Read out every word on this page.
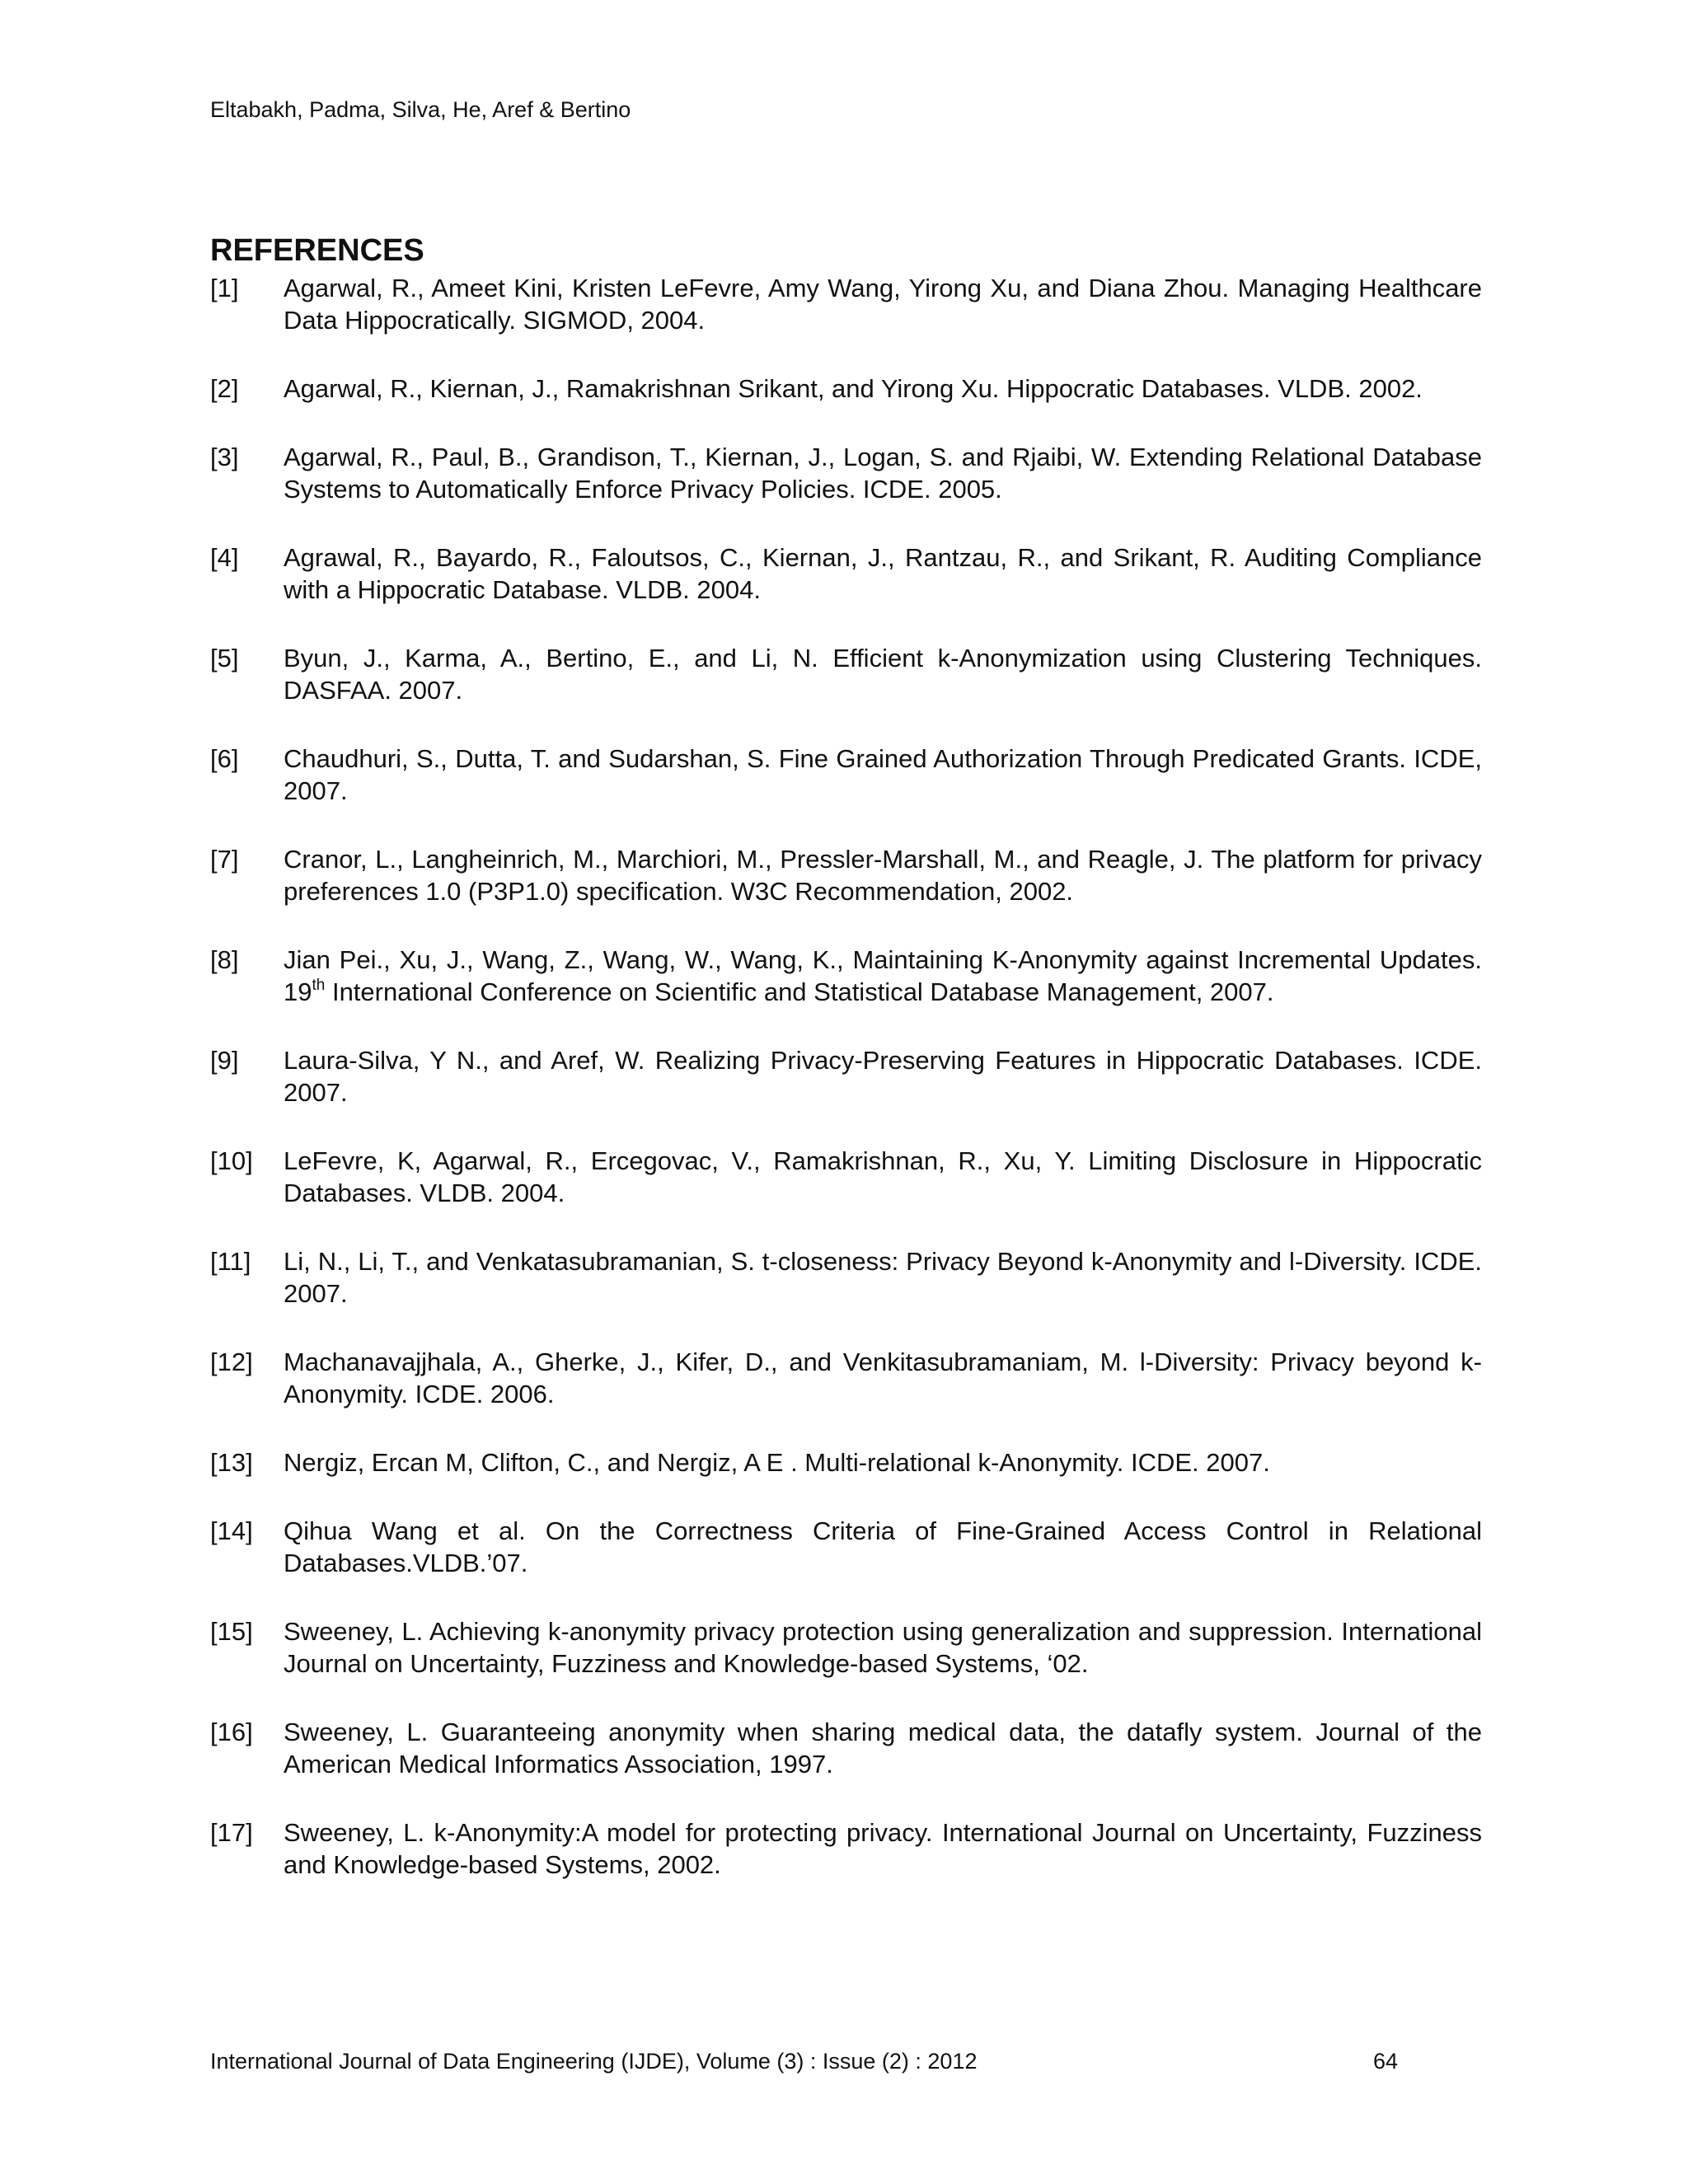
Eltabakh, Padma, Silva, He, Aref & Bertino
REFERENCES
[1]	Agarwal, R., Ameet Kini, Kristen LeFevre, Amy Wang, Yirong Xu, and Diana Zhou. Managing Healthcare Data Hippocratically. SIGMOD, 2004.
[2]	Agarwal, R., Kiernan, J., Ramakrishnan Srikant, and Yirong Xu. Hippocratic Databases. VLDB. 2002.
[3]	Agarwal, R., Paul, B., Grandison, T., Kiernan, J., Logan, S. and Rjaibi, W. Extending Relational Database Systems to Automatically Enforce Privacy Policies. ICDE. 2005.
[4]	Agrawal, R., Bayardo, R., Faloutsos, C., Kiernan, J., Rantzau, R., and Srikant, R. Auditing Compliance with a Hippocratic Database. VLDB. 2004.
[5]	Byun, J., Karma, A., Bertino, E., and Li, N. Efficient k-Anonymization using Clustering Techniques. DASFAA. 2007.
[6]	Chaudhuri, S., Dutta, T. and Sudarshan, S. Fine Grained Authorization Through Predicated Grants. ICDE, 2007.
[7]	Cranor, L., Langheinrich, M., Marchiori, M., Pressler-Marshall, M., and Reagle, J. The platform for privacy preferences 1.0 (P3P1.0) specification. W3C Recommendation, 2002.
[8]	Jian Pei., Xu, J., Wang, Z., Wang, W., Wang, K., Maintaining K-Anonymity against Incremental Updates. 19th International Conference on Scientific and Statistical Database Management, 2007.
[9]	Laura-Silva, Y N., and Aref, W. Realizing Privacy-Preserving Features in Hippocratic Databases. ICDE. 2007.
[10]	LeFevre, K, Agarwal, R., Ercegovac, V., Ramakrishnan, R., Xu, Y. Limiting Disclosure in Hippocratic Databases. VLDB. 2004.
[11]	Li, N., Li, T., and Venkatasubramanian, S. t-closeness: Privacy Beyond k-Anonymity and l-Diversity. ICDE. 2007.
[12]	Machanavajjhala, A., Gherke, J., Kifer, D., and Venkitasubramaniam, M. l-Diversity: Privacy beyond k-Anonymity. ICDE. 2006.
[13]	Nergiz, Ercan M, Clifton, C., and Nergiz, A E . Multi-relational k-Anonymity. ICDE. 2007.
[14]	Qihua Wang et al. On the Correctness Criteria of Fine-Grained Access Control in Relational Databases.VLDB.’07.
[15]	Sweeney, L. Achieving k-anonymity privacy protection using generalization and suppression. International Journal on Uncertainty, Fuzziness and Knowledge-based Systems, ‘02.
[16]	Sweeney, L. Guaranteeing anonymity when sharing medical data, the datafly system. Journal of the American Medical Informatics Association, 1997.
[17]	Sweeney, L. k-Anonymity:A model for protecting privacy. International Journal on Uncertainty, Fuzziness and Knowledge-based Systems, 2002.
International Journal of Data Engineering (IJDE), Volume (3) : Issue (2) : 2012	64
